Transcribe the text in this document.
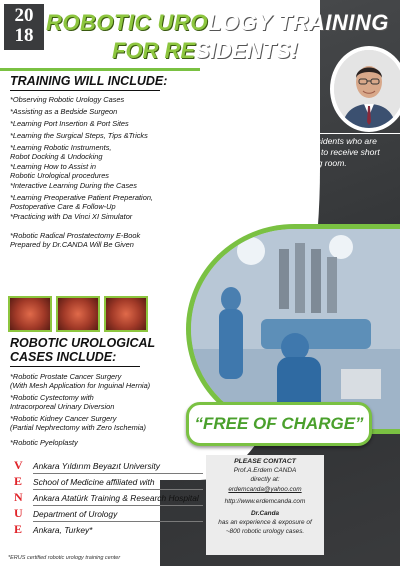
20
18
ROBOTIC UROLOGY TRAINING
FOR RESIDENTS!
TRAINING WILL INCLUDE:
*Observing Robotic Urology Cases
*Assisting as a Bedside Surgeon
*Learning Port Insertion & Port Sites
*Learning the Surgical Steps, Tips &Tricks
*Learning Robotic Instruments,
Robot Docking & Undocking
*Learning How to Assist in
Robotic Urological procedures
*Interactive Learning During the Cases
*Learning Preoperative Patient Preperation,
Postoperative Care & Follow-Up
*Practicing with Da Vinci XI Simulator
*Robotic Radical Prostatectomy E-Book
Prepared by Dr.CANDA Will Be Given
ROBOTIC UROLOGICAL
CASES INCLUDE:
*Robotic Prostate Cancer Surgery
(With Mesh Application for Inguinal Hernia)
*Robotic Cystectomy with
Intracorporeal Urinary Diversion
*Robotic Kidney Cancer Surgery
(Partial Nephrectomy with Zero Ischemia)
*Robotic Pyeloplasty
Prof. A. Erdem
CANDA
will be accepting urology residents who are interested in robotic urology to receive short term training in the operating room.
“FREE OF CHARGE”
V
E
N
U
E
Ankara Yıldırım Beyazıt University
School of Medicine affiliated with
Ankara Atatürk Training & Research Hospital
Department of Urology
Ankara, Turkey*
PLEASE CONTACT
Prof.A.Erdem CANDA
directly at:
erdemcanda@yahoo.com
http://www.erdemcanda.com
Dr.Canda
has an experience & exposure of
~800 robotic urology cases.
*ERUS certified robotic urology training center
